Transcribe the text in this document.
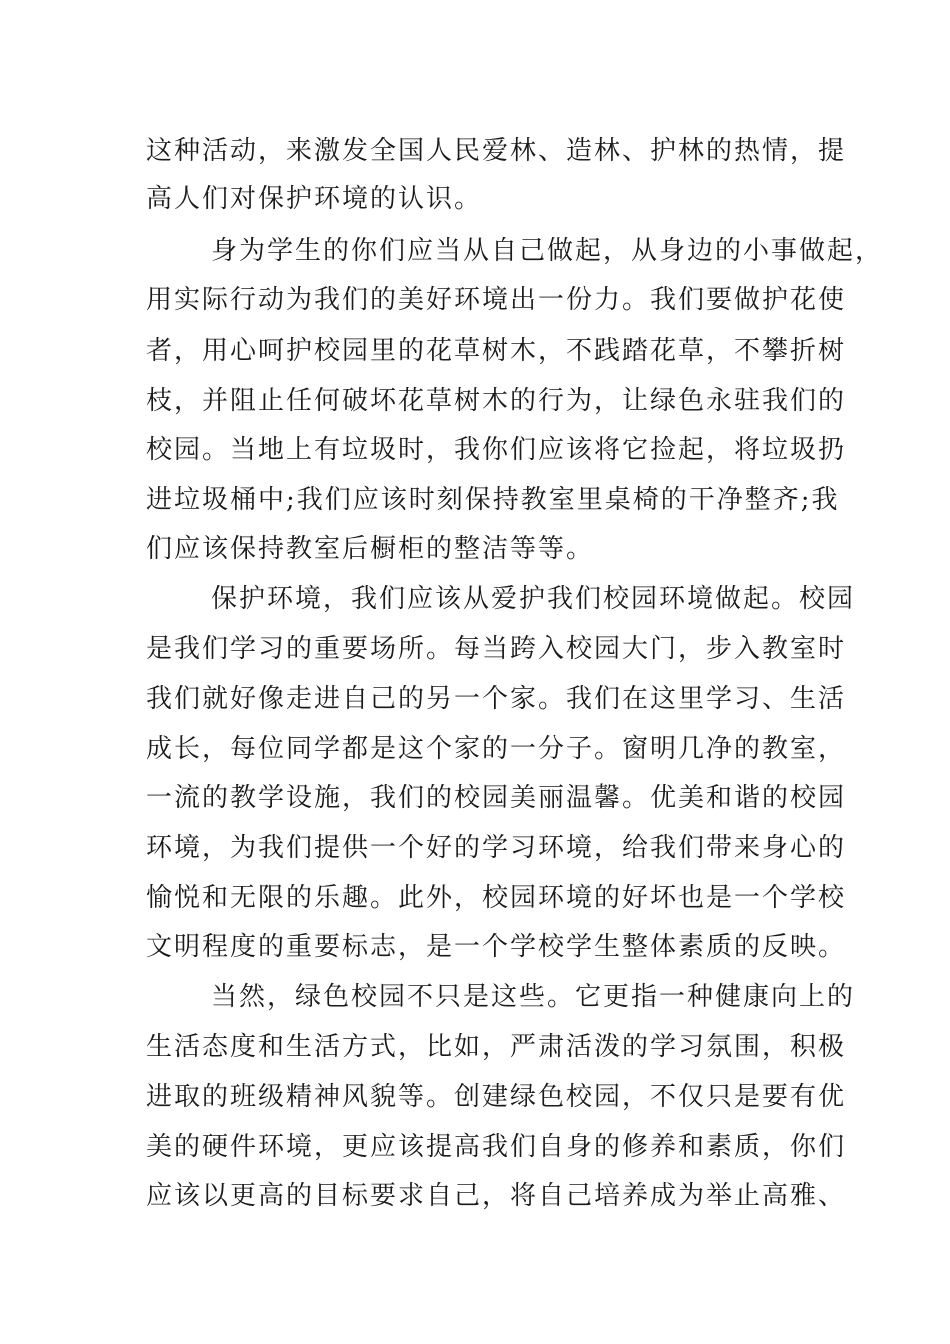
这种活动，来激发全国人民爱林、造林、护林的热情，提
高人们对保护环境的认识。
身为学生的你们应当从自己做起，从身边的小事做起，
用实际行动为我们的美好环境出一份力。我们要做护花使
者，用心呵护校园里的花草树木，不践踏花草，不攀折树
枝，并阻止任何破坏花草树木的行为，让绿色永驻我们的
校园。当地上有垃圾时，我你们应该将它捡起，将垃圾扔
进垃圾桶中;我们应该时刻保持教室里桌椅的干净整齐;我
们应该保持教室后橱柜的整洁等等。
保护环境，我们应该从爱护我们校园环境做起。校园
是我们学习的重要场所。每当跨入校园大门，步入教室时
我们就好像走进自己的另一个家。我们在这里学习、生活
成长，每位同学都是这个家的一分子。窗明几净的教室，
一流的教学设施，我们的校园美丽温馨。优美和谐的校园
环境，为我们提供一个好的学习环境，给我们带来身心的
愉悦和无限的乐趣。此外，校园环境的好坏也是一个学校
文明程度的重要标志，是一个学校学生整体素质的反映。
当然，绿色校园不只是这些。它更指一种健康向上的
生活态度和生活方式，比如，严肃活泼的学习氛围，积极
进取的班级精神风貌等。创建绿色校园，不仅只是要有优
美的硬件环境，更应该提高我们自身的修养和素质，你们
应该以更高的目标要求自己，将自己培养成为举止高雅、
